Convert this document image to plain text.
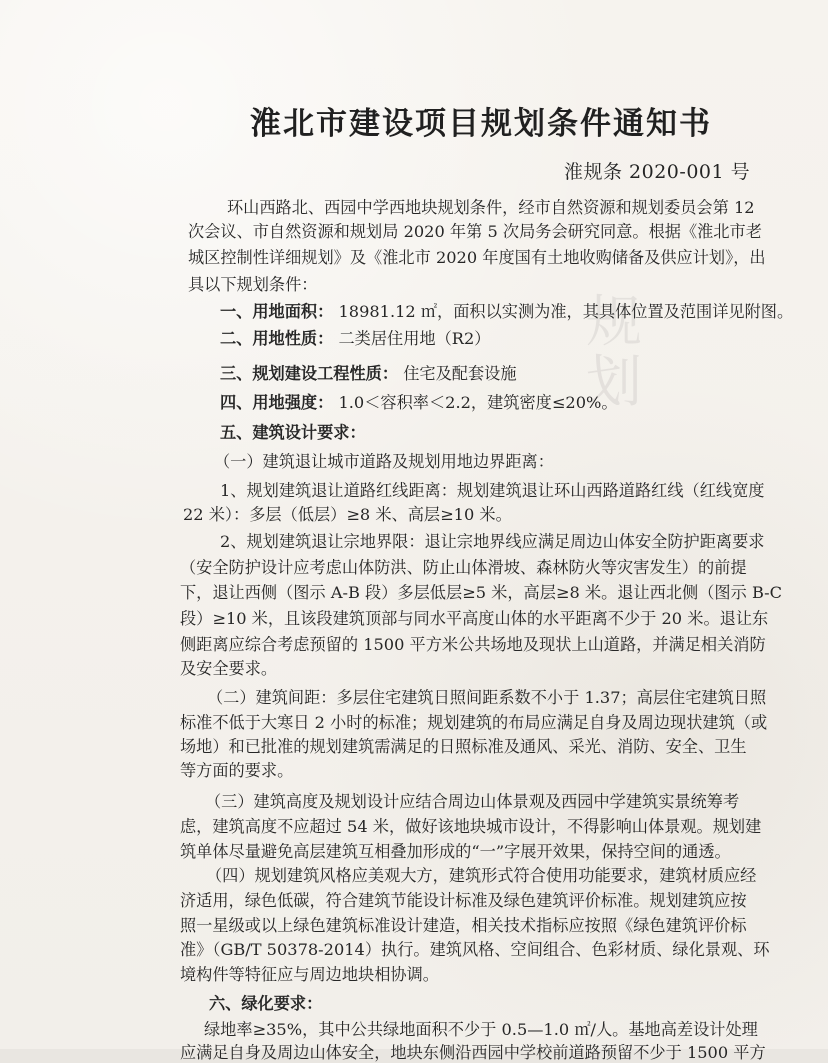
规
划
淮北市建设项目规划条件通知书
淮规条 2020-001 号

环山西路北、西园中学西地块规划条件，经市自然资源和规划委员会第 12

次会议、市自然资源和规划局 2020 年第 5 次局务会研究同意。根据《淮北市老

城区控制性详细规划》及《淮北市 2020 年度国有土地收购储备及供应计划》，出

具以下规划条件：

一、用地面积： 18981.12 ㎡，面积以实测为准，其具体位置及范围详见附图。

二、用地性质： 二类居住用地（R2）

三、规划建设工程性质： 住宅及配套设施

四、用地强度： 1.0＜容积率＜2.2，建筑密度≤20%。

五、建筑设计要求：

（一）建筑退让城市道路及规划用地边界距离：

1、规划建筑退让道路红线距离：规划建筑退让环山西路道路红线（红线宽度

22 米）：多层（低层）≥8 米、高层≥10 米。

2、规划建筑退让宗地界限：退让宗地界线应满足周边山体安全防护距离要求

（安全防护设计应考虑山体防洪、防止山体滑坡、森林防火等灾害发生）的前提

下，退让西侧（图示 A-B 段）多层低层≥5 米，高层≥8 米。退让西北侧（图示 B-C

段）≥10 米，且该段建筑顶部与同水平高度山体的水平距离不少于 20 米。退让东

侧距离应综合考虑预留的 1500 平方米公共场地及现状上山道路，并满足相关消防

及安全要求。

（二）建筑间距：多层住宅建筑日照间距系数不小于 1.37；高层住宅建筑日照

标准不低于大寒日 2 小时的标准；规划建筑的布局应满足自身及周边现状建筑（或

场地）和已批准的规划建筑需满足的日照标准及通风、采光、消防、安全、卫生

等方面的要求。

（三）建筑高度及规划设计应结合周边山体景观及西园中学建筑实景统筹考

虑，建筑高度不应超过 54 米，做好该地块城市设计，不得影响山体景观。规划建

筑单体尽量避免高层建筑互相叠加形成的“一”字展开效果，保持空间的通透。

（四）规划建筑风格应美观大方，建筑形式符合使用功能要求，建筑材质应经

济适用，绿色低碳，符合建筑节能设计标准及绿色建筑评价标准。规划建筑应按

照一星级或以上绿色建筑标准设计建造，相关技术指标应按照《绿色建筑评价标

准》（GB/T 50378-2014）执行。建筑风格、空间组合、色彩材质、绿化景观、环

境构件等特征应与周边地块相协调。

六、绿化要求：

绿地率≥35%，其中公共绿地面积不少于 0.5—1.0 ㎡/人。基地高差设计处理

应满足自身及周边山体安全，地块东侧沿西园中学校前道路预留不少于 1500 平方
